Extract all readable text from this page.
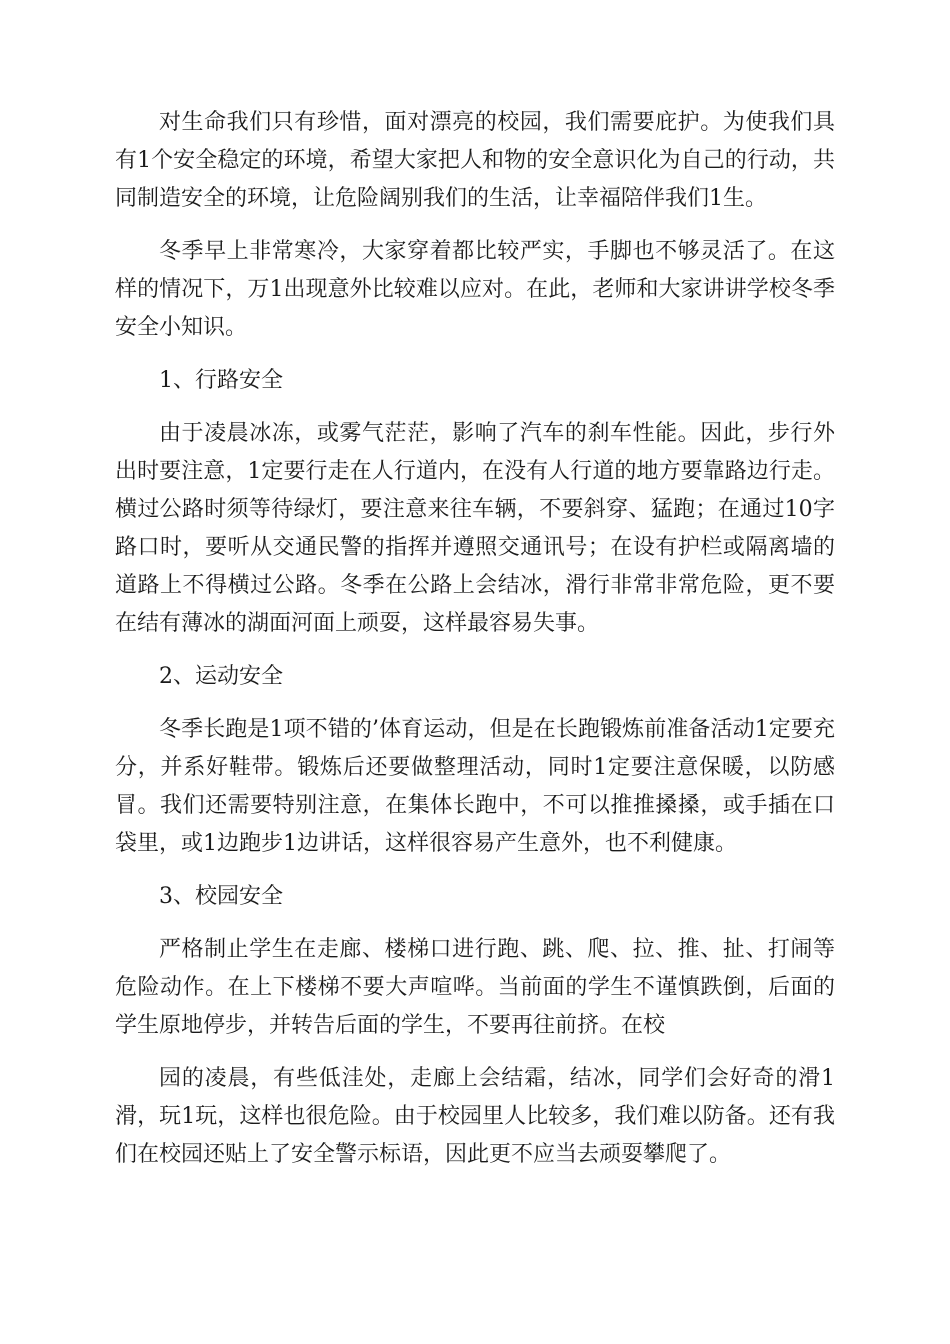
对生命我们只有珍惜，面对漂亮的校园，我们需要庇护。为使我们具有1个安全稳定的环境，希望大家把人和物的安全意识化为自己的行动，共同制造安全的环境，让危险阔别我们的生活，让幸福陪伴我们1生。

冬季早上非常寒冷，大家穿着都比较严实，手脚也不够灵活了。在这样的情况下，万1出现意外比较难以应对。在此，老师和大家讲讲学校冬季安全小知识。

1、行路安全

由于凌晨冰冻，或雾气茫茫，影响了汽车的刹车性能。因此，步行外出时要注意，1定要行走在人行道内，在没有人行道的地方要靠路边行走。横过公路时须等待绿灯，要注意来往车辆，不要斜穿、猛跑；在通过10字路口时，要听从交通民警的指挥并遵照交通讯号；在设有护栏或隔离墙的道路上不得横过公路。冬季在公路上会结冰，滑行非常非常危险，更不要在结有薄冰的湖面河面上顽耍，这样最容易失事。

2、运动安全

冬季长跑是1项不错的’体育运动，但是在长跑锻炼前准备活动1定要充分，并系好鞋带。锻炼后还要做整理活动，同时1定要注意保暖，以防感冒。我们还需要特别注意，在集体长跑中，不可以推推搡搡，或手插在口袋里，或1边跑步1边讲话，这样很容易产生意外，也不利健康。

3、校园安全

严格制止学生在走廊、楼梯口进行跑、跳、爬、拉、推、扯、打闹等危险动作。在上下楼梯不要大声喧哗。当前面的学生不谨慎跌倒，后面的学生原地停步，并转告后面的学生，不要再往前挤。在校

园的凌晨，有些低洼处，走廊上会结霜，结冰，同学们会好奇的滑1滑，玩1玩，这样也很危险。由于校园里人比较多，我们难以防备。还有我们在校园还贴上了安全警示标语，因此更不应当去顽耍攀爬了。
